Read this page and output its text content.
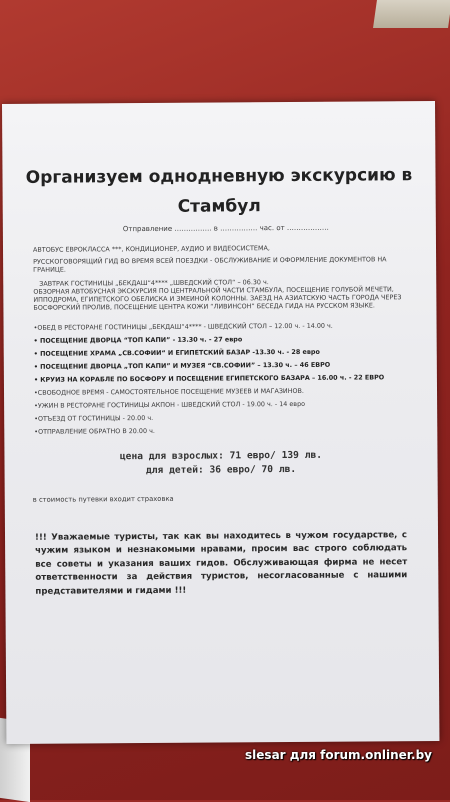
Организуем однодневную экскурсию в
Стамбул
Отправление ……………. в ……………. час. от ………………
АВТОБУС ЕВРОКЛАССА ***, КОНДИЦИОНЕР, АУДИО И ВИДЕОСИСТЕМА,
РУССКОГОВОРЯЩИЙ ГИД ВО ВРЕМЯ ВСЕЙ ПОЕЗДКИ - ОБСЛУЖИВАНИЕ И ОФОРМЛЕНИЕ ДОКУМЕНТОВ НА ГРАНИЦЕ.
ЗАВТРАК ГОСТИНИЦЫ „БЕКДАШ“4**** „ШВЕДСКИЙ СТОЛ“ – 06.30 ч.
ОБЗОРНАЯ АВТОБУСНАЯ ЭКСКУРСИЯ ПО ЦЕНТРАЛЬНОЙ ЧАСТИ СТАМБУЛА, ПОСЕЩЕНИЕ ГОЛУБОЙ МЕЧЕТИ, ИППОДРОМА, ЕГИПЕТСКОГО ОБЕЛИСКА И ЗМЕИНОЙ КОЛОННЫ. ЗАЕЗД НА АЗИАТСКУЮ ЧАСТЬ ГОРОДА ЧЕРЕЗ БОСФОРСКИЙ ПРОЛИВ, ПОСЕЩЕНИЕ ЦЕНТРА КОЖИ “ЛИВИНСОН” БЕСЕДА ГИДА НА РУССКОМ ЯЗЫКЕ.
•ОБЕД В РЕСТОРАНЕ ГОСТИНИЦЫ „БЕКДАШ“4**** - ШВЕДСКИЙ СТОЛ – 12.00 ч. - 14.00 ч.
• ПОСЕЩЕНИЕ ДВОРЦА “ТОП КАПИ” - 13.30 ч. - 27 евро
• ПОСЕЩЕНИЕ ХРАМА „СВ.СОФИИ“ И ЕГИПЕТСКИЙ БАЗАР -13.30 ч. - 28 евро
• ПОСЕЩЕНИЕ ДВОРЦА „ТОП КАПИ” И МУЗЕЯ “СВ.СОФИИ” – 13.30 ч. – 46 ЕВРО
• КРУИЗ НА КОРАБЛЕ ПО БОСФОРУ И ПОСЕЩЕНИЕ ЕГИПЕТСКОГО БАЗАРА – 16.00 ч. - 22 ЕВРО
•СВОБОДНОЕ ВРЕМЯ - САМОСТОЯТЕЛЬНОЕ ПОСЕЩЕНИЕ МУЗЕЕВ И МАГАЗИНОВ.
•УЖИН В РЕСТОРАНЕ ГОСТИНИЦЫ АКПОН - ШВЕДСКИЙ СТОЛ - 19.00 ч. - 14 евро
•ОТЪЕЗД ОТ ГОСТИНИЦЫ - 20.00 ч.
•ОТПРАВЛЕНИЕ ОБРАТНО В 20.00 ч.
цена для взрослых: 71 евро/ 139 лв.
для детей: 36 евро/ 70 лв.
в стоимость путевки входит страховка
!!! Уважаемые туристы, так как вы находитесь в чужом государстве, с чужим языком и незнакомыми нравами, просим вас строго соблюдать все советы и указания вашиx гидов. Обслуживающая фирма не несет ответственности за действия туристов, несогласованные с нашими представителями и гидами !!!
slesar для forum.onliner.by
